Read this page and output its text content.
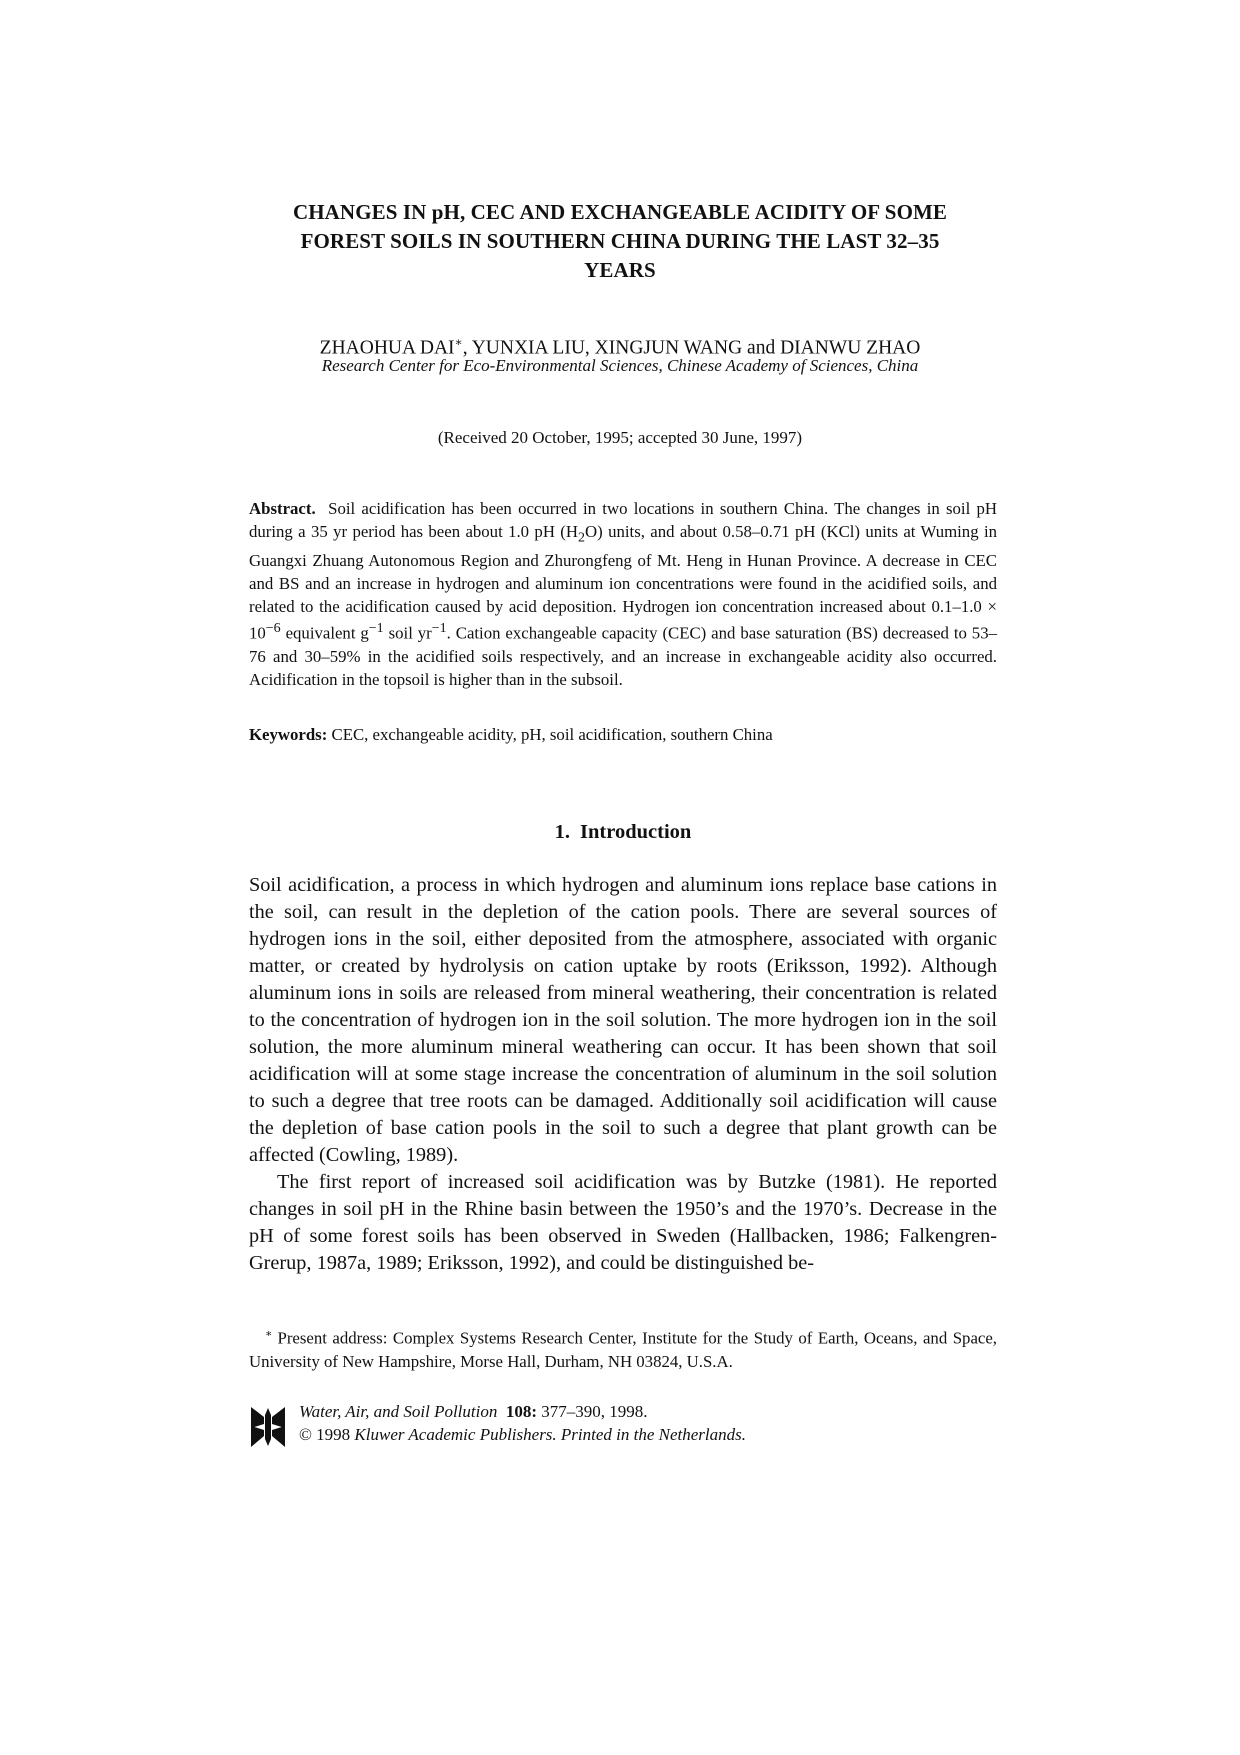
CHANGES IN pH, CEC AND EXCHANGEABLE ACIDITY OF SOME
FOREST SOILS IN SOUTHERN CHINA DURING THE LAST 32–35
YEARS
ZHAOHUA DAI∗, YUNXIA LIU, XINGJUN WANG and DIANWU ZHAO
Research Center for Eco-Environmental Sciences, Chinese Academy of Sciences, China
(Received 20 October, 1995; accepted 30 June, 1997)
Abstract. Soil acidification has been occurred in two locations in southern China. The changes in soil pH during a 35 yr period has been about 1.0 pH $(H_2O)$ units, and about 0.58–0.71 pH (KCl) units at Wuming in Guangxi Zhuang Autonomous Region and Zhurongfeng of Mt. Heng in Hunan Province. A decrease in CEC and BS and an increase in hydrogen and aluminum ion concentrations were found in the acidified soils, and related to the acidification caused by acid deposition. Hydrogen ion concentration increased about $0.1-1.0 \times 10^{-6}$ equivalent $g^{-1}$ soil $yr^{-1}$. Cation exchangeable capacity (CEC) and base saturation (BS) decreased to 53–76 and 30–59% in the acidified soils respectively, and an increase in exchangeable acidity also occurred. Acidification in the topsoil is higher than in the subsoil.
Keywords: CEC, exchangeable acidity, pH, soil acidification, southern China
1. Introduction

Soil acidification, a process in which hydrogen and aluminum ions replace base cations in the soil, can result in the depletion of the cation pools. There are several sources of hydrogen ions in the soil, either deposited from the atmosphere, associated with organic matter, or created by hydrolysis on cation uptake by roots (Eriksson, 1992). Although aluminum ions in soils are released from mineral weathering, their concentration is related to the concentration of hydrogen ion in the soil solution. The more hydrogen ion in the soil solution, the more aluminum mineral weathering can occur. It has been shown that soil acidification will at some stage increase the concentration of aluminum in the soil solution to such a degree that tree roots can be damaged. Additionally soil acidification will cause the depletion of base cation pools in the soil to such a degree that plant growth can be affected (Cowling, 1989).

The first report of increased soil acidification was by Butzke (1981). He reported changes in soil pH in the Rhine basin between the 1950’s and the 1970’s. Decrease in the pH of some forest soils has been observed in Sweden (Hallbacken, 1986; Falkengren-Grerup, 1987a, 1989; Eriksson, 1992), and could be distinguished be-

∗ Present address: Complex Systems Research Center, Institute for the Study of Earth, Oceans, and Space, University of New Hampshire, Morse Hall, Durham, NH 03824, U.S.A.
Water, Air, and Soil Pollution 108: 377–390, 1998.
© 1998 Kluwer Academic Publishers. Printed in the Netherlands.
